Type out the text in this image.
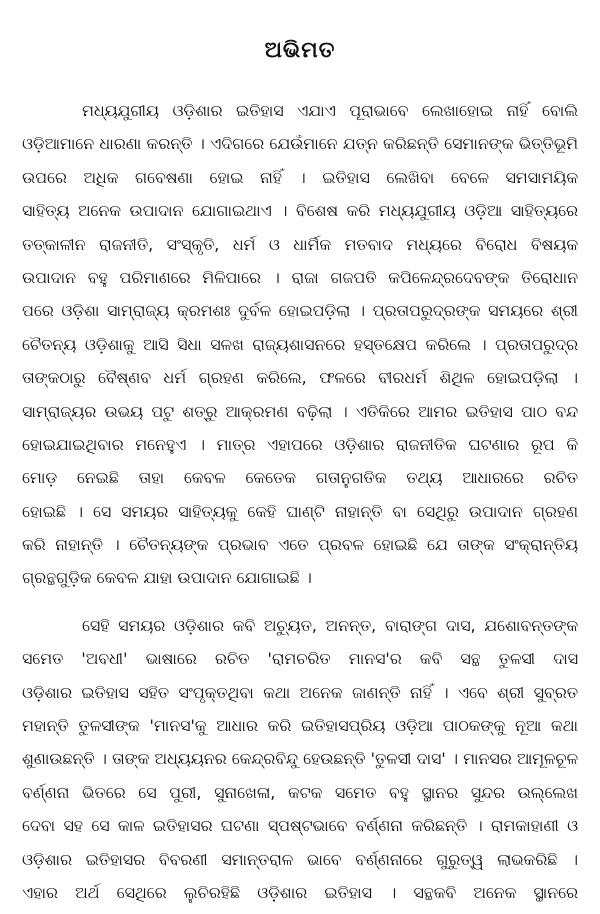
ଅଭିମତ
ମଧ୍ୟଯୁଗୀୟ ଓଡ଼ିଶାର ଇତିହାସ ଏଯାଏ ପୂରାଭାବେ ଲେଖାହୋଇ ନାହିଁ ବୋଲି
ଓଡ଼ିଆମାନେ ଧାରଣା କରନ୍ତି । ଏଦିଗରେ ଯେଉଁମାନେ ଯତ୍ନ କରିଛନ୍ତି ସେମାନଙ୍କ ଭିତ୍ତିଭୂମି
ଉପରେ ଅଧିକ ଗବେଷଣା ହୋଇ ନାହିଁ । ଇତିହାସ ଲେଖିବା ବେଳେ ସମସାମୟିକ
ସାହିତ୍ୟ ଅନେକ ଉପାଦାନ ଯୋଗାଇଥାଏ । ବିଶେଷ କରି ମଧ୍ୟଯୁଗୀୟ ଓଡ଼ିଆ ସାହିତ୍ୟରେ
ତତ୍କାଳୀନ ରାଜନୀତି, ସଂସ୍କୃତି, ଧର୍ମ ଓ ଧାର୍ମିକ ମତବାଦ ମଧ୍ୟରେ ବିରୋଧ ବିଷୟକ
ଉପାଦାନ ବହୁ ପରିମାଣରେ ମିଳିପାରେ । ରାଜା ଗଜପତି କପିଳେନ୍ଦ୍ରଦେବଙ୍କ ତିରୋଧାନ
ପରେ ଓଡ଼ିଶା ସାମ୍ରାଜ୍ୟ କ୍ରମଶଃ ଦୁର୍ବଳ ହୋଇପଡ଼ିଲା । ପ୍ରତାପରୁଦ୍ରଙ୍କ ସମୟରେ ଶ୍ରୀ
ଚୈତନ୍ୟ ଓଡ଼ିଶାକୁ ଆସି ସିଧା ସଳଖ ରାଜ୍ୟଶାସନରେ ହସ୍ତକ୍ଷେପ କରିଲେ । ପ୍ରତାପରୁଦ୍ର
ତାଙ୍କଠାରୁ ବୈଷ୍ଣବ ଧର୍ମ ଗ୍ରହଣ କରିଲେ, ଫଳରେ ବୀରଧର୍ମ ଶିଥିଳ ହୋଇପଡ଼ିଲା ।
ସାମ୍ରାଜ୍ୟର ଉଭୟ ପଟୁ ଶତ୍ରୁ ଆକ୍ରମଣ ବଢ଼ିଲା । ଏତିକିରେ ଆମର ଇତିହାସ ପାଠ ବନ୍ଦ
ହୋଇଯାଇଥିବାର ମନେହୁଏ । ମାତ୍ର ଏହାପରେ ଓଡ଼ିଶାର ରାଜନୀତିକ ଘଟଣାର ରୂପ କି
ମୋଡ଼ ନେଇଛି ତାହା କେବଳ କେତେକ ଗତାନୁଗତିକ ତଥ୍ୟ ଆଧାରରେ ରଚିତ
ହୋଇଛି । ସେ ସମୟର ସାହିତ୍ୟକୁ କେହି ଘାଣ୍ଟି ନାହାନ୍ତି ବା ସେଥିରୁ ଉପାଦାନ ଗ୍ରହଣ
କରି ନାହାନ୍ତି । ଚୈତନ୍ୟଙ୍କ ପ୍ରଭାବ ଏତେ ପ୍ରବଳ ହୋଇଛି ଯେ ତାଙ୍କ ସଂକ୍ରାନ୍ତିୟ
ଗ୍ରନ୍ଥଗୁଡ଼ିକ କେବଳ ଯାହା ଉପାଦାନ ଯୋଗାଇଛି ।
ସେହି ସମୟର ଓଡ଼ିଶାର କବି ଅଚ୍ୟୁତ, ଅନନ୍ତ, ବାରାଙ୍ଗ ଦାସ, ଯଶୋବନ୍ତଙ୍କ
ସମେତ 'ଅବଧୀ' ଭାଷାରେ ରଚିତ 'ରାମଚରିତ ମାନସ'ର କବି ସନ୍ଥ ତୁଳସୀ ଦାସ
ଓଡ଼ିଶାର ଇତିହାସ ସହିତ ସଂପୃକ୍ତଥିବା କଥା ଅନେକ ଜାଣନ୍ତି ନାହିଁ । ଏବେ ଶ୍ରୀ ସୁବ୍ରତ
ମହାନ୍ତି ତୁଳସୀଙ୍କ 'ମାନସ'କୁ ଆଧାର କରି ଇତିହାସପ୍ରିୟ ଓଡ଼ିଆ ପାଠକଙ୍କୁ ନୂଆ କଥା
ଶୁଣାଉଛନ୍ତି । ତାଙ୍କ ଅଧ୍ୟୟନର କେନ୍ଦ୍ରବିନ୍ଦୁ ହେଉଛନ୍ତି 'ତୁଳସୀ ଦାସ' । ମାନସର ଆମୂଳଚୂଳ
ବର୍ଣ୍ଣନା ଭିତରେ ସେ ପୁରୀ, ସୁନାଖେଳା, କଟକ ସମେତ ବହୁ ସ୍ଥାନର ସୁନ୍ଦର ଉଲ୍ଲେଖ
ଦେବା ସହ ସେ କାଳ ଇତିହାସର ଘଟଣା ସ୍ପଷ୍ଟଭାବେ ବର୍ଣ୍ଣନା କରିଛନ୍ତି । ରାମକାହାଣୀ ଓ
ଓଡ଼ିଶାର ଇତିହାସର ବିବରଣୀ ସମାନ୍ତରାଳ ଭାବେ ବର୍ଣ୍ଣନାରେ ଗୁରୁତ୍ୱ ଲାଭକରିଛି ।
ଏହାର ଅର୍ଥ ସେଥିରେ ଲୁଚିରହିଛି ଓଡ଼ିଶାର ଇତିହାସ । ସନ୍ଥକବି ଅନେକ ସ୍ଥାନରେ
